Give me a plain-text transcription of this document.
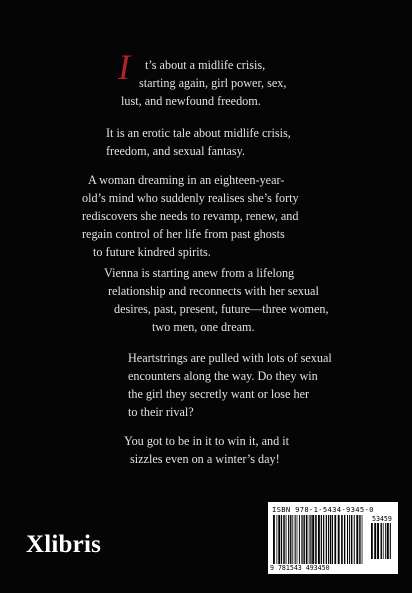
I t’s about a midlife crisis,
starting again, girl power, sex,
lust, and newfound freedom.

It is an erotic tale about midlife crisis,
freedom, and sexual fantasy.

A woman dreaming in an eighteen-year-
old’s mind who suddenly realises she’s forty
rediscovers she needs to revamp, renew, and
regain control of her life from past ghosts
to future kindred spirits.

Vienna is starting anew from a lifelong
relationship and reconnects with her sexual
desires, past, present, future—three women,
two men, one dream.

Heartstrings are pulled with lots of sexual
encounters along the way. Do they win
the girl they secretly want or lose her
to their rival?

You got to be in it to win it, and it
sizzles even on a winter’s day!

Xlibris
ISBN 978-1-5434-9345-0
53459
9 781543 493450
